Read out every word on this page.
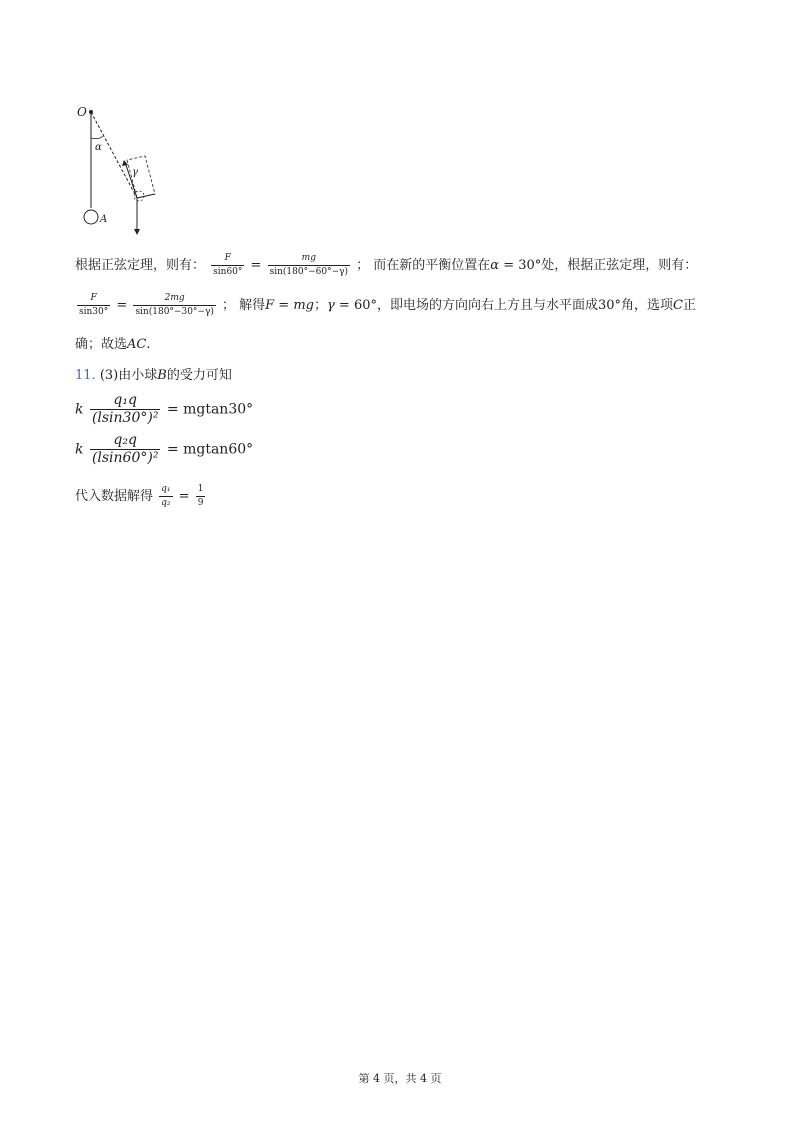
O
A
α
γ
根据正弦定理，则有： $\frac{F}{\sin 60^\circ} = \frac{mg}{\sin(180^\circ-60^\circ-\gamma)}$ ； 而在新的平衡位置在α = 30°处，根据正弦定理，则有：
$\frac{F}{\sin 30^\circ} = \frac{2mg}{\sin(180^\circ-30^\circ-\gamma)}$ ； 解得F = mg；γ = 60°，即电场的方向向右上方且与水平面成30°角，选项C正
确；故选AC.
11. (3)由小球B的受力可知
k $\frac{\text{q₁q}}{\text{(lsin30°)²}} = mgtan30^\circ$
k $\frac{\text{q₂q}}{\text{(lsin60°)²}} = mgtan60^\circ$
代入数据解得 $\frac{\text{q₁}}{\text{q₂}} = \frac{1}{9}$
第 4 页，共 4 页
